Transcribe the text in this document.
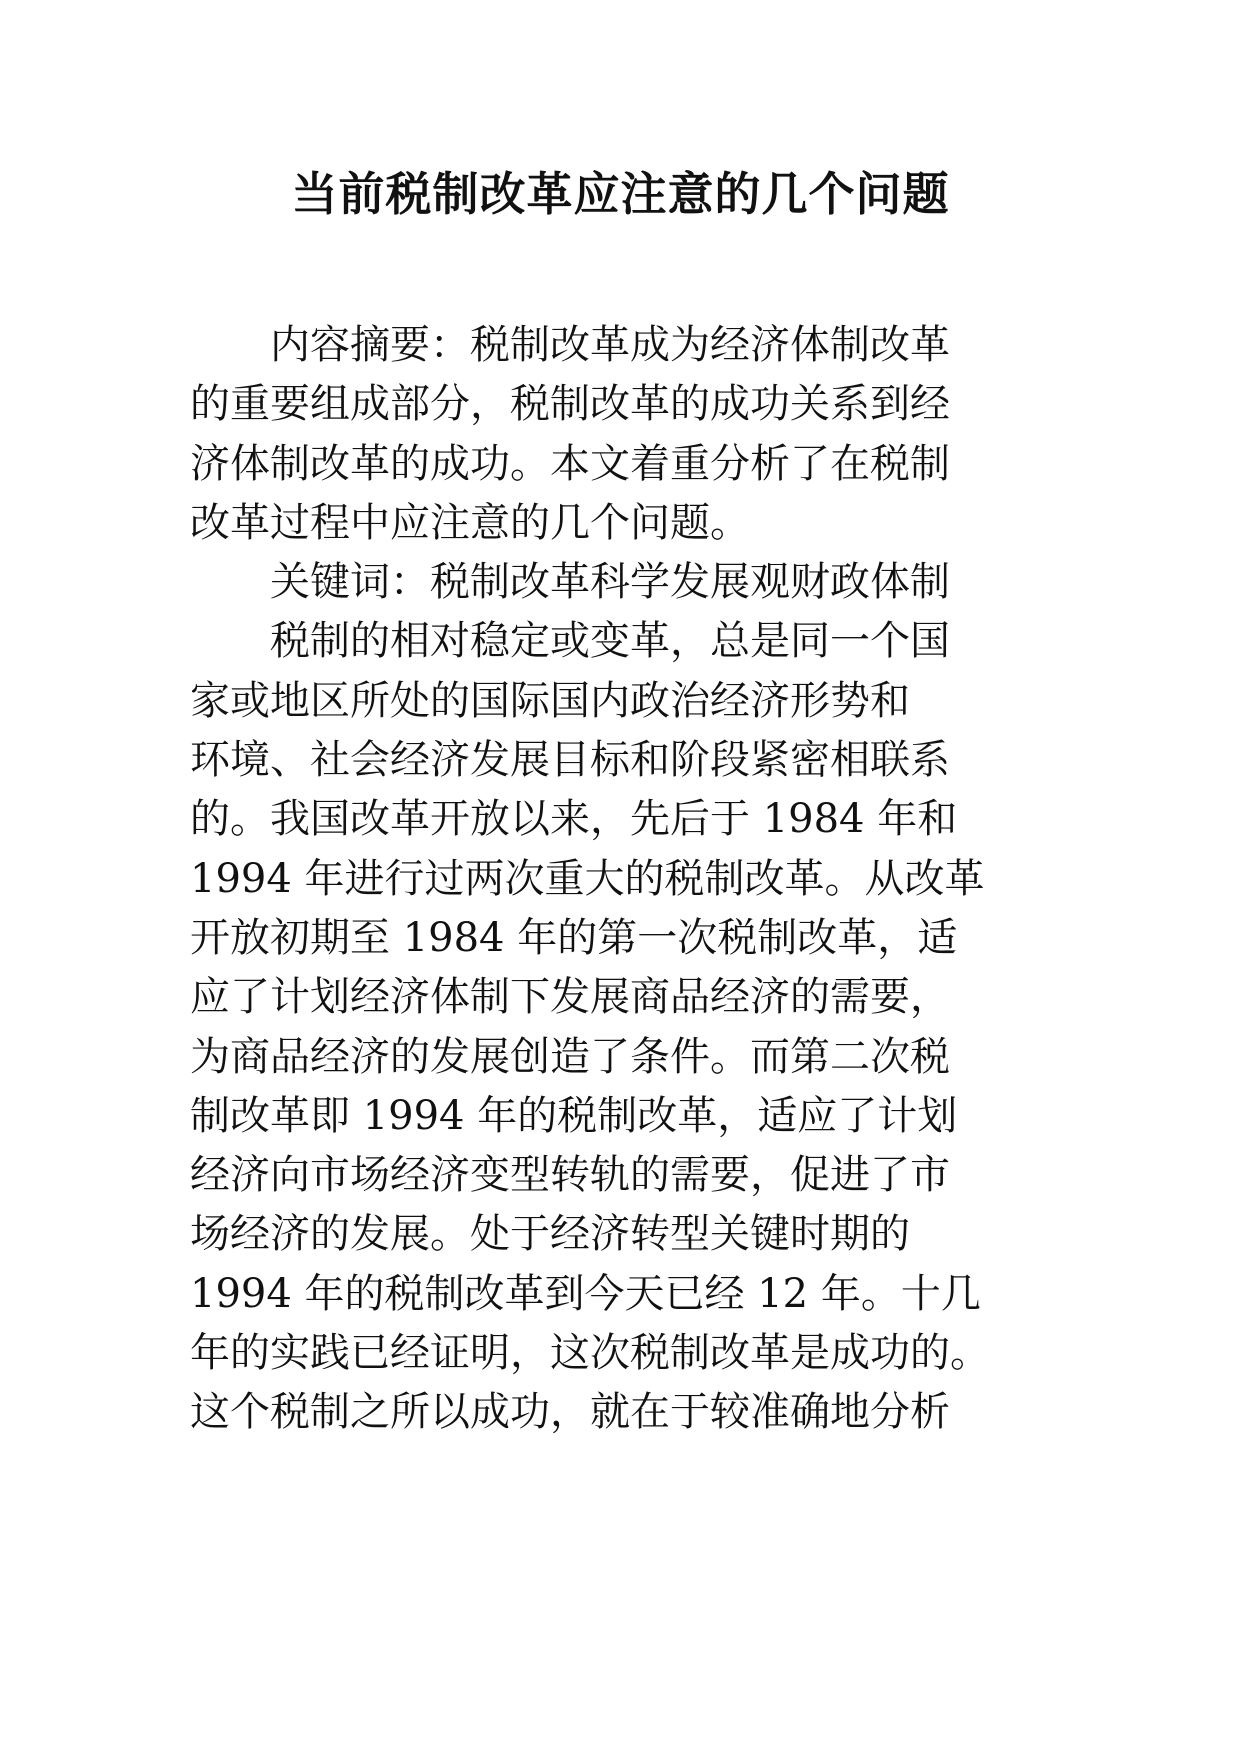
当前税制改革应注意的几个问题
　　内容摘要：税制改革成为经济体制改革
的重要组成部分，税制改革的成功关系到经
济体制改革的成功。本文着重分析了在税制
改革过程中应注意的几个问题。
　　关键词：税制改革科学发展观财政体制
　　税制的相对稳定或变革，总是同一个国
家或地区所处的国际国内政治经济形势和
环境、社会经济发展目标和阶段紧密相联系
的。我国改革开放以来，先后于 1984 年和
1994 年进行过两次重大的税制改革。从改革
开放初期至 1984 年的第一次税制改革，适
应了计划经济体制下发展商品经济的需要，
为商品经济的发展创造了条件。而第二次税
制改革即 1994 年的税制改革，适应了计划
经济向市场经济变型转轨的需要，促进了市
场经济的发展。处于经济转型关键时期的
1994 年的税制改革到今天已经 12 年。十几
年的实践已经证明，这次税制改革是成功的。
这个税制之所以成功，就在于较准确地分析
